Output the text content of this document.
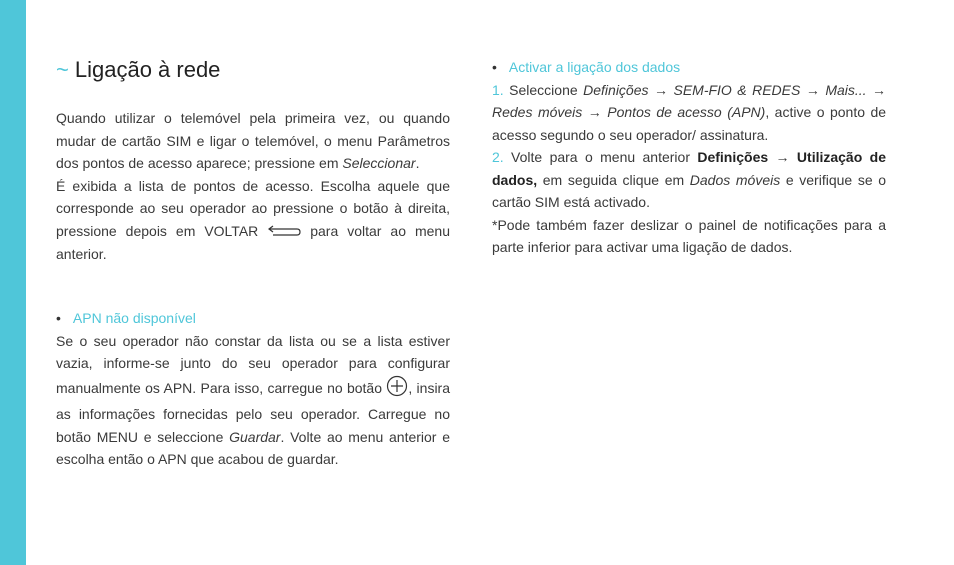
~ Ligação à rede

Quando utilizar o telemóvel pela primeira vez, ou quando mudar de cartão SIM e ligar o telemóvel, o menu Parâmetros dos pontos de acesso aparece; pressione em Seleccionar.

É exibida a lista de pontos de acesso. Escolha aquele que corresponde ao seu operador ao pressione o botão à direita, pressione depois em VOLTAR  para voltar ao menu anterior.

• APN não disponível

Se o seu operador não constar da lista ou se a lista estiver vazia, informe-se junto do seu operador para configurar manualmente os APN. Para isso, carregue no botão , insira as informações fornecidas pelo seu operador. Carregue no botão MENU e seleccione Guardar. Volte ao menu anterior e escolha então o APN que acabou de guardar.

• Activar a ligação dos dados

1. Seleccione Definições → SEM-FIO & REDES → Mais... → Redes móveis → Pontos de acesso (APN), active o ponto de acesso segundo o seu operador/ assinatura.

2. Volte para o menu anterior Definições → Utilização de dados, em seguida clique em Dados móveis e verifique se o cartão SIM está activado.

*Pode também fazer deslizar o painel de notificações para a parte inferior para activar uma ligação de dados.
